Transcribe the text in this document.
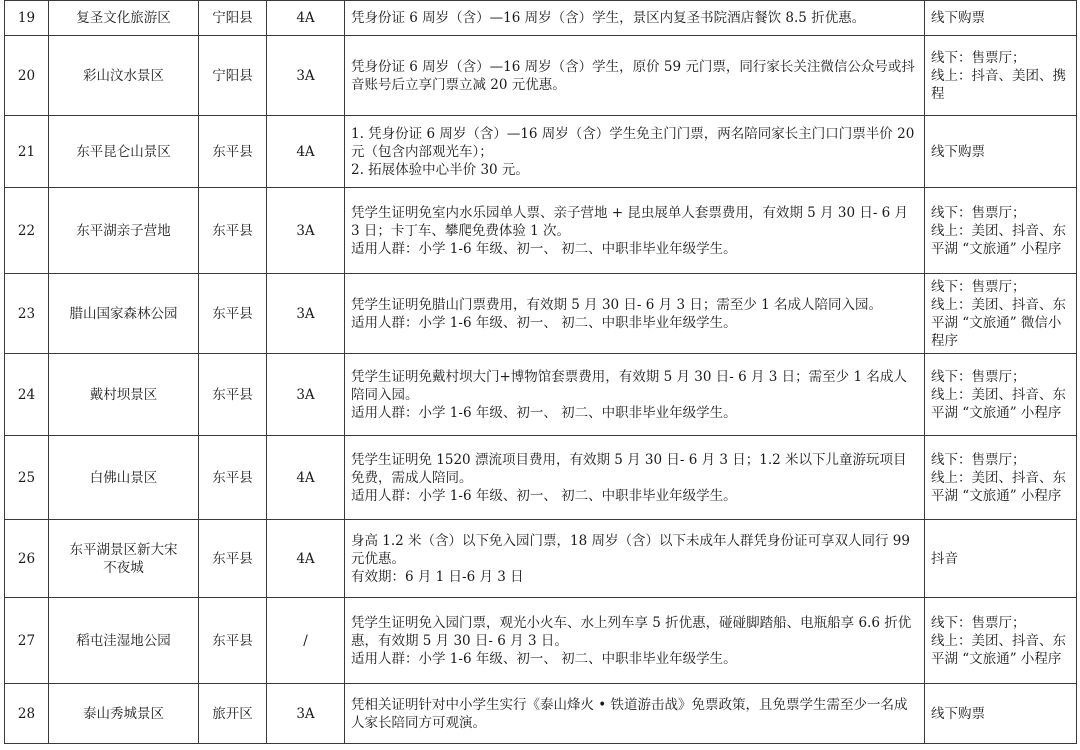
19	复圣文化旅游区	宁阳县	4A	凭身份证 6 周岁（含）—16 周岁（含）学生，景区内复圣书院酒店餐饮 8.5 折优惠。	线下购票

20	彩山汶水景区	宁阳县	3A	凭身份证 6 周岁（含）—16 周岁（含）学生，原价 59 元门票，同行家长关注微信公众号或抖音账号后立享门票立减 20 元优惠。	线下：售票厅；
线上：抖音、美团、携程

21	东平昆仑山景区	东平县	4A	1. 凭身份证 6 周岁（含）—16 周岁（含）学生免主门门票，两名陪同家长主门口门票半价 20 元（包含内部观光车）；
2. 拓展体验中心半价 30 元。	线下购票

22	东平湖亲子营地	东平县	3A	凭学生证明免室内水乐园单人票、亲子营地 + 昆虫展单人套票费用，有效期 5 月 30 日- 6 月 3 日；卡丁车、攀爬免费体验 1 次。
适用人群：小学 1-6 年级、初一、 初二、中职非毕业年级学生。	线下：售票厅；
线上：美团、抖音、东平湖 “文旅通” 小程序

23	腊山国家森林公园	东平县	3A	凭学生证明免腊山门票费用，有效期 5 月 30 日- 6 月 3 日；需至少 1 名成人陪同入园。
适用人群：小学 1-6 年级、初一、 初二、中职非毕业年级学生。	线下：售票厅；
线上：美团、抖音、东平湖 “文旅通” 微信小程序

24	戴村坝景区	东平县	3A	凭学生证明免戴村坝大门+博物馆套票费用，有效期 5 月 30 日- 6 月 3 日；需至少 1 名成人陪同入园。
适用人群：小学 1-6 年级、初一、 初二、中职非毕业年级学生。	线下：售票厅；
线上：美团、抖音、东平湖 “文旅通” 小程序

25	白佛山景区	东平县	4A	凭学生证明免 1520 漂流项目费用，有效期 5 月 30 日- 6 月 3 日；1.2 米以下儿童游玩项目免费，需成人陪同。
适用人群：小学 1-6 年级、初一、 初二、中职非毕业年级学生。	线下：售票厅；
线上：美团、抖音、东平湖 “文旅通” 小程序

26	东平湖景区新大宋
不夜城	东平县	4A	身高 1.2 米（含）以下免入园门票，18 周岁（含）以下未成年人群凭身份证可享双人同行 99 元优惠。
有效期：6 月 1 日-6 月 3 日	抖音

27	稻屯洼湿地公园	东平县	/	凭学生证明免入园门票，观光小火车、水上列车享 5 折优惠，碰碰脚踏船、电瓶船享 6.6 折优惠，有效期 5 月 30 日- 6 月 3 日。
适用人群：小学 1-6 年级、初一、 初二、中职非毕业年级学生。	线下：售票厅；
线上：美团、抖音、东平湖 “文旅通” 小程序

28	泰山秀城景区	旅开区	3A	凭相关证明针对中小学生实行《泰山烽火 • 铁道游击战》免票政策，且免票学生需至少一名成人家长陪同方可观演。	线下购票
